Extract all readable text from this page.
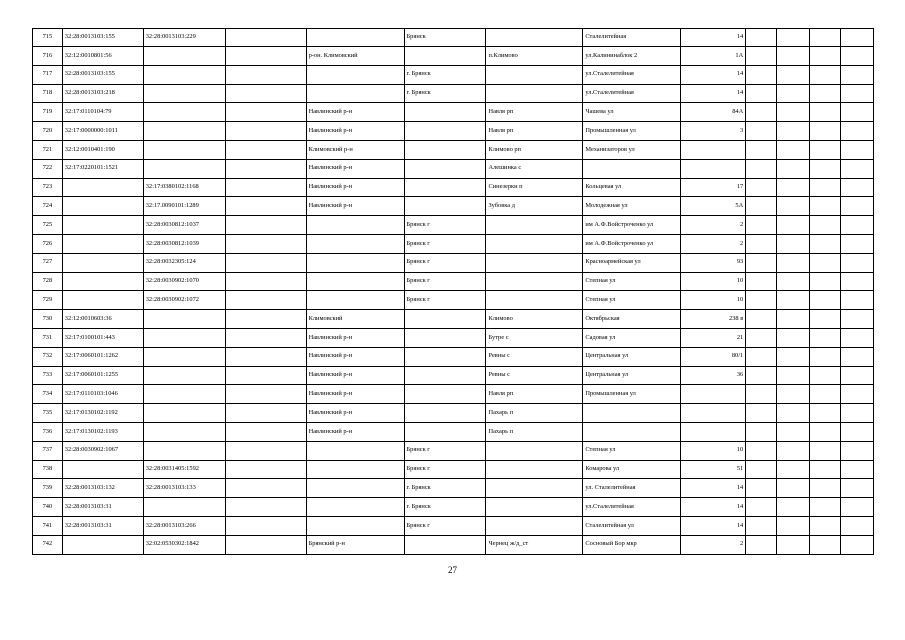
715	32:28:0013103:155	32:28:0013103:229			Брянск		Сталелитейная	14				
716	32:12:0010801:56			р-он. Климовский		п.Климово	ул.Калининаблок 2	1А				
717	32:28:0013103:155				г. Брянск		ул.Сталелитейная	14				
718	32:28:0013103:218				г. Брянск		ул.Сталелитейная	14				
719	32:17:0110104:79			Навлинский р-н		Навля рп	Чашева ул	84А				
720	32:17:0000000:1011			Навлинский р-н		Навля рп	Промышленная ул	3				
721	32:12:0010401:190			Климовский р-н		Климово рп	Механизаторов ул					
722	32:17:0220101:1521			Навлинский р-н		Алешинка с						
723		32:17:0380102:1168		Навлинский р-н		Синезерки п	Кольцевая ул	17				
724		32:17.0090101:1289		Навлинский р-н		Зубовка д	Молодежная ул	5А				
725		32:28:0030812:1037			Брянск г		им А.Ф.Войстроченко ул	2				
726		32:28:0030812:1039			Брянск г		им А.Ф.Войстроченко ул	2				
727		32:28:0032305:124			Брянск г		Красноармейская ул	93				
728		32:28:0030902:1070			Брянск г		Степная ул	10				
729		32:28:0030902:1072			Брянск г		Степная ул	10				
730	32:12:0010603:36			Климовский		Климово	Октябрьская	238 в				
731	32:17:0100101:443			Навлинский р-н		Бутре с	Садовая ул	21				
732	32:17:0060101:1262			Навлинский р-н		Ревны с	Центральная ул	80/1				
733	32:17:0060101:1255			Навлинский р-н		Ревны с	Центральная ул	36				
734	32:17:0110103:1046			Навлинский р-н		Навля рп	Промышленная ул					
735	32:17:0130102:1192			Навлинский р-н		Пахарь п						
736	32:17:0130102:1193			Навлинский р-н		Пахарь п						
737	32:28:0030902:1067				Брянск г		Степная ул	10				
738		32:28:0031405:1592			Брянск г		Комарова ул	51				
739	32:28:0013103:132	32:28:0013103:133			г. Брянск		ул. Сталелитейная	14				
740	32:28:0013103:31				г. Брянск		ул.Сталелитейная	14				
741	32:28:0013103:31	32:28:0013103:266			Брянск г		Сталелитейная ул	14				
742		32:02:0530302:1842		Брянский р-н		Чернец ж/д_ст	Сосновый Бор мкр	2				
27
